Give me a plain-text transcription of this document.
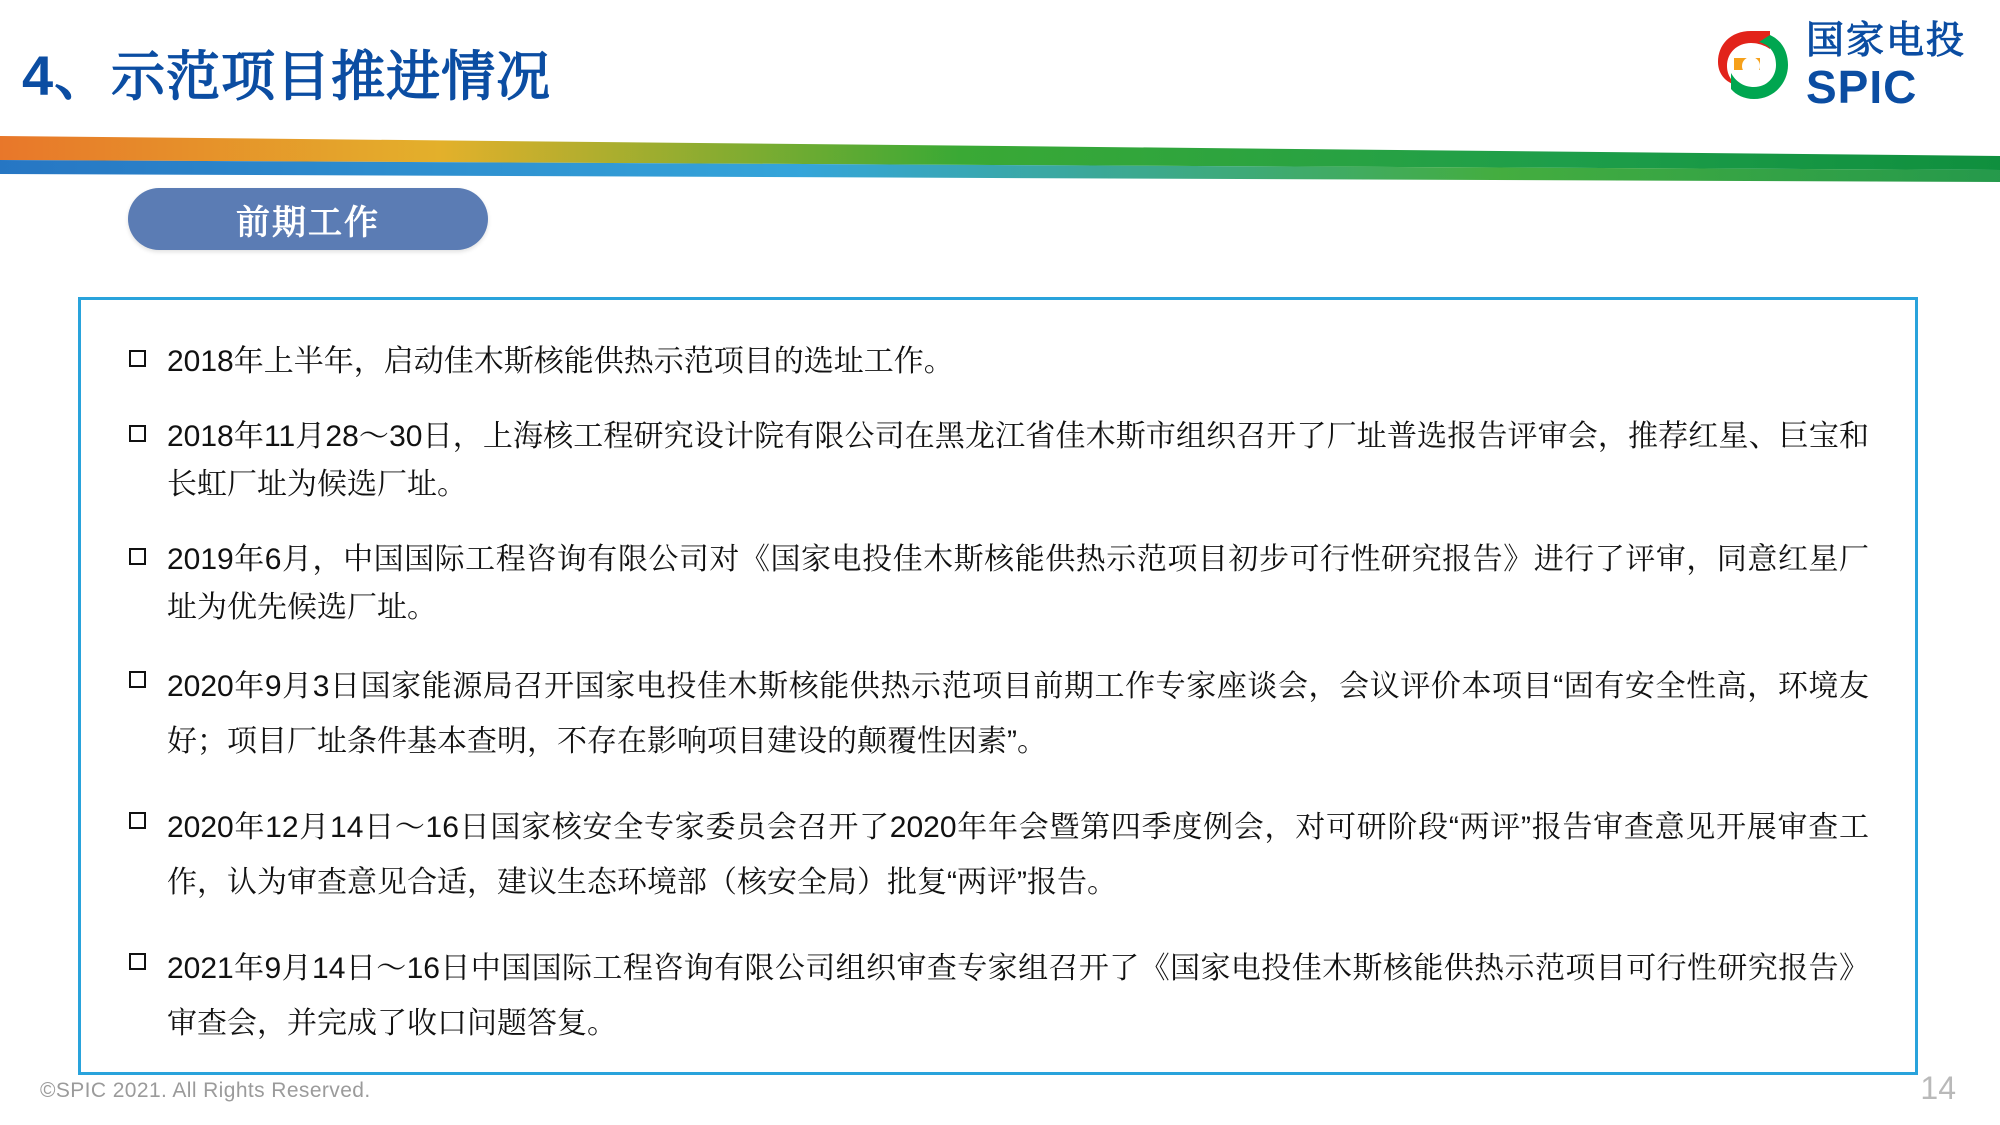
4、示范项目推进情况
国家电投
SPIC
前期工作
2018年上半年，启动佳木斯核能供热示范项目的选址工作。
2018年11月28～30日，上海核工程研究设计院有限公司在黑龙江省佳木斯市组织召开了厂址普选报告评审会，推荐红星、巨宝和长虹厂址为候选厂址。
2019年6月，中国国际工程咨询有限公司对《国家电投佳木斯核能供热示范项目初步可行性研究报告》进行了评审，同意红星厂址为优先候选厂址。
2020年9月3日国家能源局召开国家电投佳木斯核能供热示范项目前期工作专家座谈会，会议评价本项目“固有安全性高，环境友好；项目厂址条件基本查明，不存在影响项目建设的颠覆性因素”。
2020年12月14日～16日国家核安全专家委员会召开了2020年年会暨第四季度例会，对可研阶段“两评”报告审查意见开展审查工作，认为审查意见合适，建议生态环境部（核安全局）批复“两评”报告。
2021年9月14日～16日中国国际工程咨询有限公司组织审查专家组召开了《国家电投佳木斯核能供热示范项目可行性研究报告》审查会，并完成了收口问题答复。
©SPIC 2021. All Rights Reserved.	14
